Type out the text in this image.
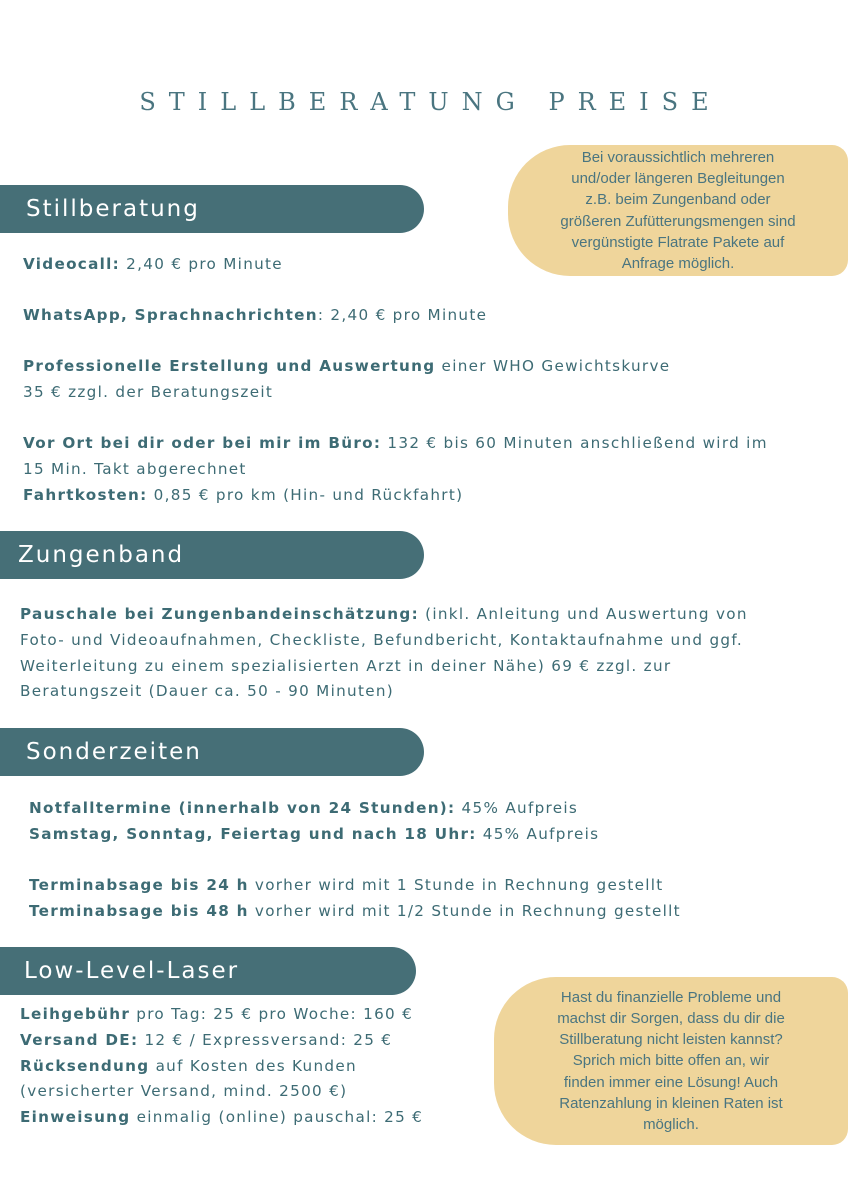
STILLBERATUNG PREISE
Stillberatung
Bei voraussichtlich mehreren
und/oder längeren Begleitungen
z.B. beim Zungenband oder
größeren Zufütterungsmengen sind
vergünstigte Flatrate Pakete auf
Anfrage möglich.
Videocall: 2,40 € pro Minute
WhatsApp, Sprachnachrichten: 2,40 € pro Minute
Professionelle Erstellung und Auswertung einer WHO Gewichtskurve
35 € zzgl. der Beratungszeit
Vor Ort bei dir oder bei mir im Büro: 132 € bis 60 Minuten anschließend wird im
15 Min. Takt abgerechnet
Fahrtkosten: 0,85 € pro km (Hin- und Rückfahrt)
Zungenband
Pauschale bei Zungenbandeinschätzung: (inkl. Anleitung und Auswertung von
Foto- und Videoaufnahmen, Checkliste, Befundbericht, Kontaktaufnahme und ggf.
Weiterleitung zu einem spezialisierten Arzt in deiner Nähe) 69 € zzgl. zur
Beratungszeit (Dauer ca. 50 - 90 Minuten)
Sonderzeiten
Notfalltermine (innerhalb von 24 Stunden): 45% Aufpreis
Samstag, Sonntag, Feiertag und nach 18 Uhr: 45% Aufpreis
Terminabsage bis 24 h vorher wird mit 1 Stunde in Rechnung gestellt
Terminabsage bis 48 h vorher wird mit 1/2 Stunde in Rechnung gestellt
Low-Level-Laser
Leihgebühr pro Tag: 25 € pro Woche: 160 €
Versand DE: 12 € / Expressversand: 25 €
Rücksendung auf Kosten des Kunden
(versicherter Versand, mind. 2500 €)
Einweisung einmalig (online) pauschal: 25 €
Hast du finanzielle Probleme und
machst dir Sorgen, dass du dir die
Stillberatung nicht leisten kannst?
Sprich mich bitte offen an, wir
finden immer eine Lösung! Auch
Ratenzahlung in kleinen Raten ist
möglich.
